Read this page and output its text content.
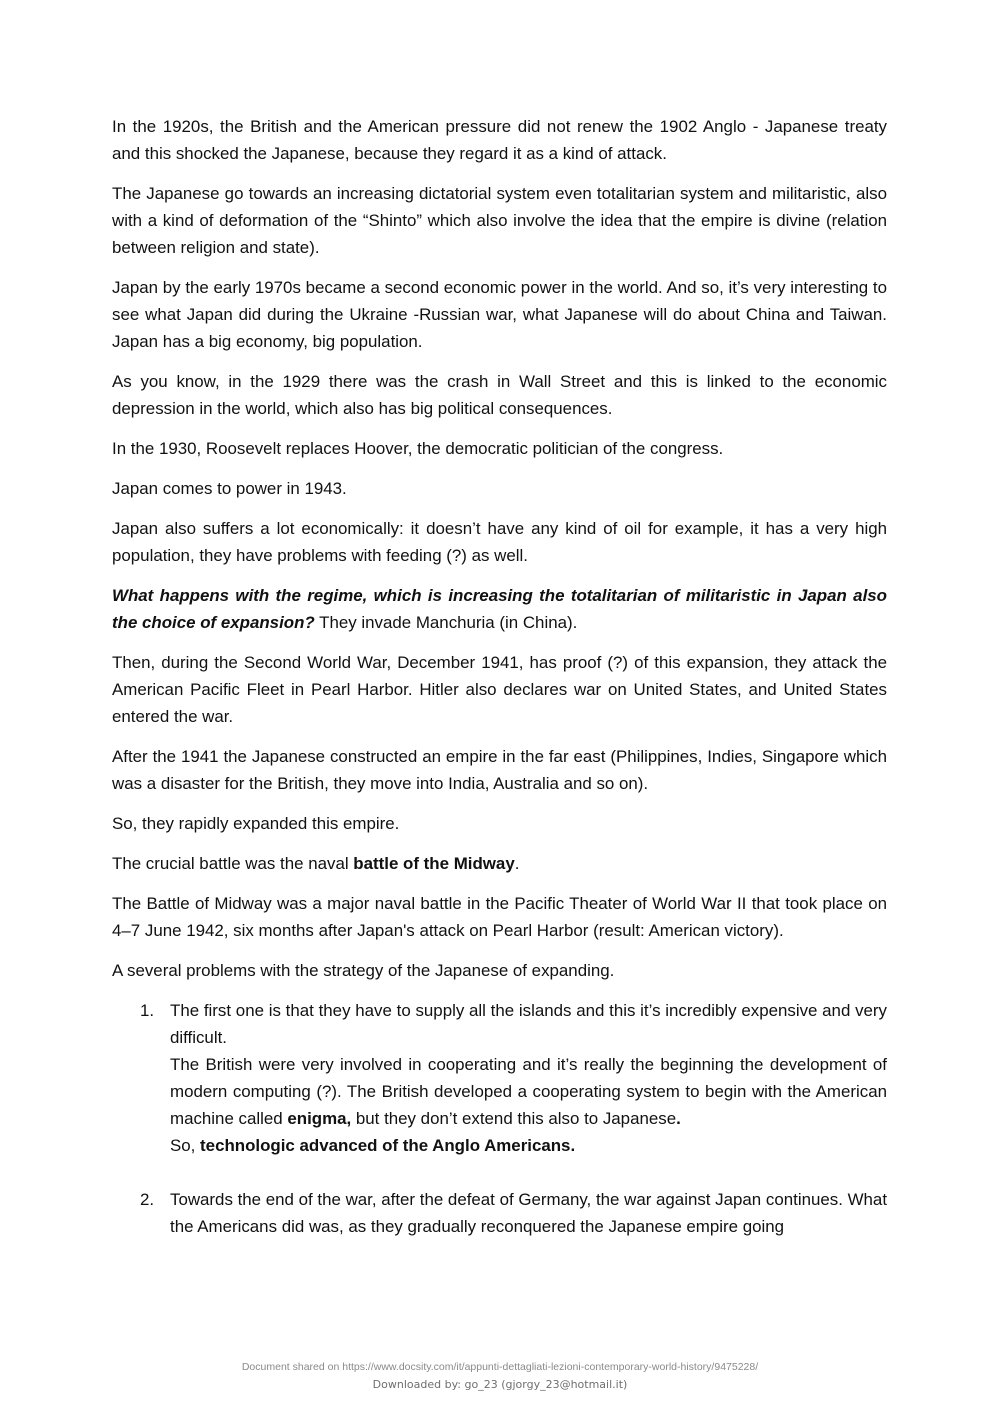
In the 1920s, the British and the American pressure did not renew the 1902 Anglo - Japanese treaty and this shocked the Japanese, because they regard it as a kind of attack.

The Japanese go towards an increasing dictatorial system even totalitarian system and militaristic, also with a kind of deformation of the “Shinto” which also involve the idea that the empire is divine (relation between religion and state).

Japan by the early 1970s became a second economic power in the world. And so, it’s very interesting to see what Japan did during the Ukraine -Russian war, what Japanese will do about China and Taiwan. Japan has a big economy, big population.

As you know, in the 1929 there was the crash in Wall Street and this is linked to the economic depression in the world, which also has big political consequences.

In the 1930, Roosevelt replaces Hoover, the democratic politician of the congress.

Japan comes to power in 1943.

Japan also suffers a lot economically: it doesn’t have any kind of oil for example, it has a very high population, they have problems with feeding (?) as well.

What happens with the regime, which is increasing the totalitarian of militaristic in Japan also the choice of expansion? They invade Manchuria (in China).

Then, during the Second World War, December 1941, has proof (?) of this expansion, they attack the American Pacific Fleet in Pearl Harbor. Hitler also declares war on United States, and United States entered the war.

After the 1941 the Japanese constructed an empire in the far east (Philippines, Indies, Singapore which was a disaster for the British, they move into India, Australia and so on).

So, they rapidly expanded this empire.

The crucial battle was the naval battle of the Midway.

The Battle of Midway was a major naval battle in the Pacific Theater of World War II that took place on 4–7 June 1942, six months after Japan's attack on Pearl Harbor (result: American victory).

A several problems with the strategy of the Japanese of expanding.

1. The first one is that they have to supply all the islands and this it’s incredibly expensive and very difficult.
The British were very involved in cooperating and it’s really the beginning the development of modern computing (?). The British developed a cooperating system to begin with the American machine called enigma, but they don’t extend this also to Japanese.
So, technologic advanced of the Anglo Americans.
2. Towards the end of the war, after the defeat of Germany, the war against Japan continues. What the Americans did was, as they gradually reconquered the Japanese empire going
Document shared on https://www.docsity.com/it/appunti-dettagliati-lezioni-contemporary-world-history/9475228/
Downloaded by: go_23 (gjorgy_23@hotmail.it)
